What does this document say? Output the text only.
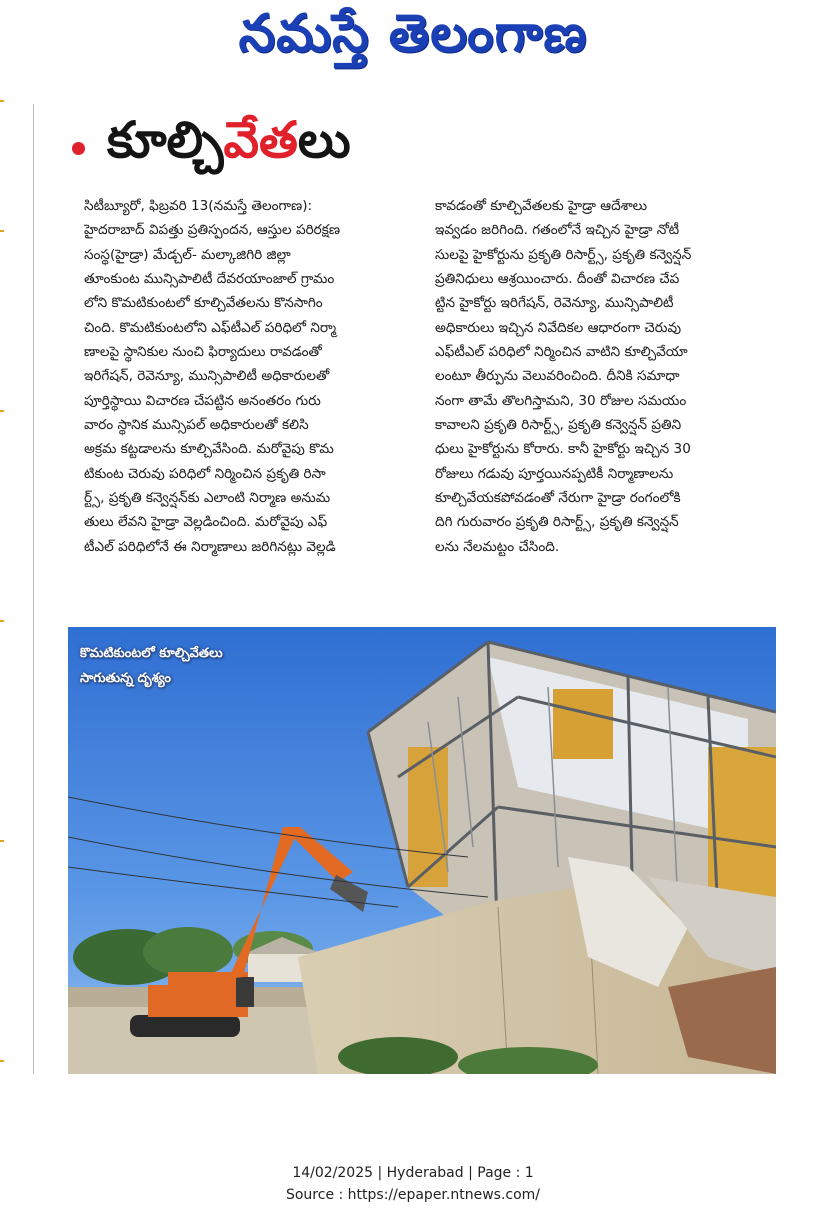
నమస్తే తెలంగాణ
కూల్చి వేత లు
సిటీబ్యూరో, ఫిబ్రవరి 13(నమస్తే తెలంగాణ):
హైదరాబాద్ విపత్తు ప్రతిస్పందన, ఆస్తుల పరిరక్షణ
సంస్థ(హైడ్రా) మేడ్చల్- మల్కాజిగిరి జిల్లా
తూంకుంట మున్సిపాలిటీ దేవరయాంజాల్ గ్రామం
లోని కొమటికుంటలో కూల్చివేతలను కొనసాగిం
చింది. కొమటికుంటలోని ఎఫ్‌టీఎల్ పరిధిలో నిర్మా
ణాలపై స్థానికుల నుంచి ఫిర్యాదులు రావడంతో
ఇరిగేషన్, రెవెన్యూ, మున్సిపాలిటీ అధికారులతో
పూర్తిస్థాయి విచారణ చేపట్టిన అనంతరం గురు
వారం స్థానిక మున్సిపల్ అధికారులతో కలిసి
అక్రమ కట్టడాలను కూల్చివేసింది. మరోవైపు కొమ
టికుంట చెరువు పరిధిలో నిర్మించిన ప్రకృతి రిసా
ర్ట్స్, ప్రకృతి కన్వెన్షన్‌కు ఎలాంటి నిర్మాణ అనుమ
తులు లేవని హైడ్రా వెల్లడించింది. మరోవైపు ఎఫ్
టీఎల్ పరిధిలోనే ఈ నిర్మాణాలు జరిగినట్లు వెల్లడి
కావడంతో కూల్చివేతలకు హైడ్రా ఆదేశాలు
ఇవ్వడం జరిగింది. గతంలోనే ఇచ్చిన హైడ్రా నోటీ
సులపై హైకోర్టును ప్రకృతి రిసార్ట్స్, ప్రకృతి కన్వెన్షన్
ప్రతినిధులు ఆశ్రయించారు. దీంతో విచారణ చేప
ట్టిన హైకోర్టు ఇరిగేషన్, రెవెన్యూ, మున్సిపాలిటీ
అధికారులు ఇచ్చిన నివేదికల ఆధారంగా చెరువు
ఎఫ్‌టీఎల్ పరిధిలో నిర్మించిన వాటిని కూల్చివేయా
లంటూ తీర్పును వెలువరించింది. దీనికి సమాధా
నంగా తామే తొలగిస్తామని, 30 రోజుల సమయం
కావాలని ప్రకృతి రిసార్ట్స్, ప్రకృతి కన్వెన్షన్ ప్రతిని
ధులు హైకోర్టును కోరారు. కానీ హైకోర్టు ఇచ్చిన 30
రోజులు గడువు పూర్తయినప్పటికీ నిర్మాణాలను
కూల్చివేయకపోవడంతో నేరుగా హైడ్రా రంగంలోకి
దిగి గురువారం ప్రకృతి రిసార్ట్స్, ప్రకృతి కన్వెన్షన్
లను నేలమట్టం చేసింది.
కొమటికుంటలో కూల్చివేతలు
సాగుతున్న దృశ్యం
14/02/2025 | Hyderabad | Page : 1
Source : https://epaper.ntnews.com/
